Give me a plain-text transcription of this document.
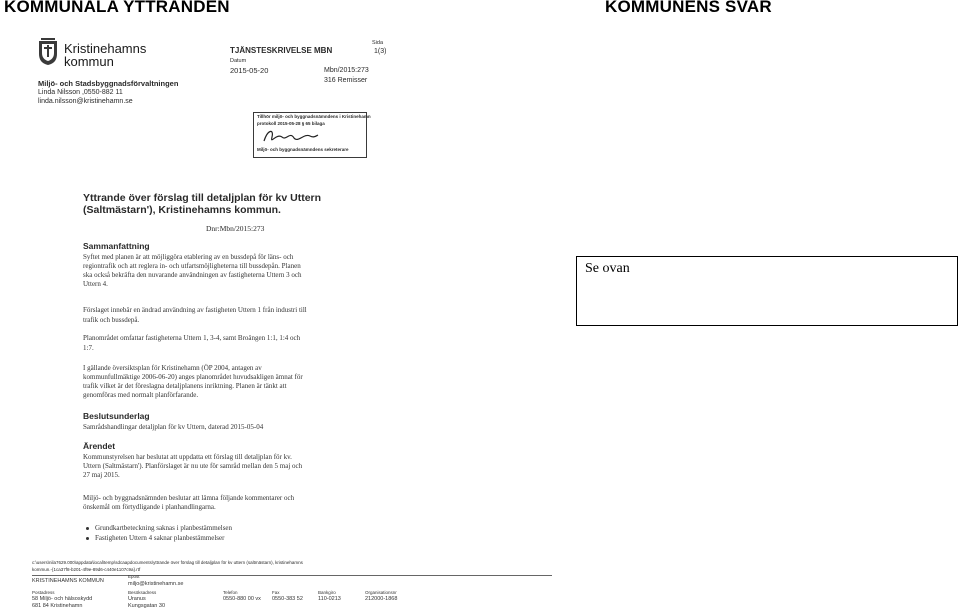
KOMMUNALA YTTRANDEN	KOMMUNENS SVAR
Kristinehamns kommun
Miljö- och Stadsbyggnadsförvaltningen
Linda Nilsson ,0550-882 11
linda.nilsson@kristinehamn.se
TJÄNSTESKRIVELSE MBN
Sida
1(3)
Datum
2015-05-20	Mbn/2015:273
316 Remisser
Tillhör miljö- och byggnadsnämndens i Kristinehamn
protokoll 2015-05-28 § 65 bilaga
Miljö- och byggnadsnämndens sekreterare
Yttrande över förslag till detaljplan för kv Uttern
(Saltmästarn'), Kristinehamns kommun.
Dnr:Mbn/2015:273
Sammanfattning
Syftet med planen är att möjliggöra etablering av en bussdepå för läns- och
regiontrafik och att reglera in- och utfartsmöjligheterna till bussdepån. Planen
ska också bekräfta den nuvarande användningen av fastigheterna Uttern 3 och
Uttern 4.
Förslaget innebär en ändrad användning av fastigheten Uttern 1 från industri till
trafik och bussdepå.
Planområdet omfattar fastigheterna Uttern 1, 3-4, samt Broängen 1:1, 1:4 och
1:7.
I gällande översiktsplan för Kristinehamn (ÖP 2004, antagen av
kommunfullmäktige 2006-06-20) anges planområdet huvudsakligen ämnat för
trafik vilket är det föreslagna detaljplanens inriktning. Planen är tänkt att
genomföras med normalt planförfarande.
Beslutsunderlag
Samrådshandlingar detaljplan för kv Uttern, daterad 2015-05-04
Ärendet
Kommunstyrelsen har beslutat att uppdatta ett förslag till detaljplan för kv.
Uttern (Saltmästarn'). Planförslaget är nu ute för samråd mellan den 5 maj och
27 maj 2015.
Miljö- och byggnadsnämnden beslutar att lämna följande kommentarer och
önskemål om förtydligande i planhandlingarna.
Grundkartbeteckning saknas i planbestämmelsen
Fastigheten Uttern 4 saknar planbestämmelser
c:\users\nila7629.000\appdata\local\temp\sdcaapdocuments\yttrande över förslag till detaljplan för kv uttern (saltmästarn), kristinehamns
kommun.-{1ca37f8-b201-4f9e-89d6-c440e1107c9a}.rtf
KRISTINEHAMNS KOMMUN
Epost
miljo@kristinehamn.se
Postadress
58 Miljö- och hälsoskydd
681 84 Kristinehamn
Besöksadress
Uranus
Kungsgatan 30
Telefon
0550-880 00 vx
Fax
0550-383 52
Bankgiro
110-0213
Organisationsnr
212000-1868
Se ovan
